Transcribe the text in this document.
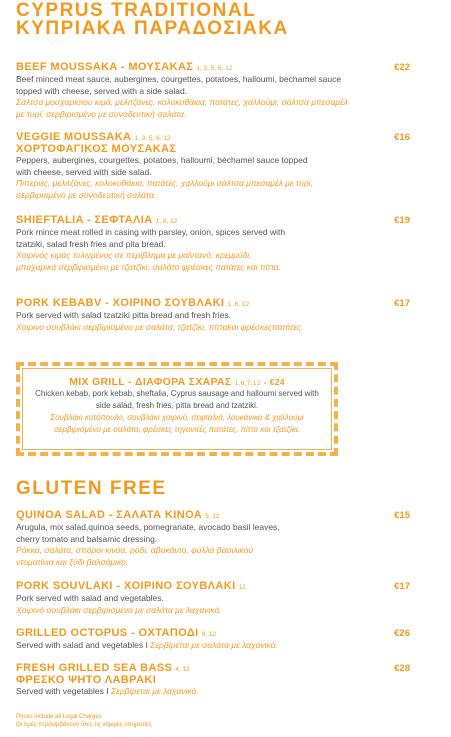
CYPRUS TRADITIONAL
ΚΥΠΡΙΑΚΑ ΠΑΡΑΔΟΣΙΑΚΑ
BEEF MOUSSAKA - ΜΟΥΣΑΚΑΣ 1, 3, 5, 6, 12	€22
Beef minced meat sauce, aubergines, courgettes, potatoes, halloumi, bechamel sauce topped with cheese, served with a side salad.
Σάλτσα μοσχαρίσιου κιμά, μελιτζάνες, κολοκυθάκια, πατάτες, χαλλούμι, σάλτσα μπεσαμέλ με τυρί, σερβιρισμένο με συνοδευτική σαλάτα.
VEGGIE MOUSSAKA 1, 3, 5, 6, 12
ΧΟΡΤΟΦΑΓΙΚΟΣ ΜΟΥΣΑΚΑΣ
€16
Peppers, aubergines, courgettes, potatoes, halloumi, béchamel sauce topped with cheese, served with side salad.
Πιπεριές, μελιτζάνες, κολοκυθάκια, πατάτες, χαλλούμι σάλτσα μπεσαμέλ με τυρί, σερβιρισμένο με συνοδευτική σαλάτα.
SHIEFTALIA - ΣΕΦΤΑΛΙΑ 1, 6, 12	€19
Pork mince meat rolled in casing with parsley, onion, spices served with tzatziki, salad fresh fries and pita bread.
Χοιρινός κιμάς τυλιγμένος σε περίβλημα με μαϊντανό, κρεμμύδι, μπαχαρικά σερβιρισμένο με τζατζίκι, σαλάτα φρέσκες πατάτες και πίττα.
PORK KEBABV - ΧΟΙΡΙΝΟ ΣΟΥΒΛΑΚΙ 1, 6, 12	€17
Pork served with salad tzatziki pitta bread and fresh fries.
Χοιρινο σουβλάκι σερβιρισμένο με σαλάτα, τζατζίκι, πίτταkαι φρέσκεςπατάτες.
MIX GRILL - ΔΙΑΦΟΡΑ ΣΧΑΡΑΣ 1,6,7,12 - €24
Chicken kebab, pork kebab, sheftalia, Cyprus sausage and halloumi served with side salad, fresh fries, pitta bread and tzatziki.
Σουβλάκι κοτόπουλο, σουβλάκι χοιρινό, σεφταλιά, λουκάνικο & χαλλούμι σερβιρισμένο με σαλάτα, φρέσκες τηγανιτές πατάτες, πίττα και τζατζίκι.
GLUTEN FREE
QUINOA SALAD - ΣΑΛΑΤΑ ΚΙΝΟΑ 5, 12	€15
Arugula, mix salad,quinoa seeds, pomegranate, avocado basil leaves, cherry tomato and balsamic dressing.
Ρόκκα, σαλάτα, σπόροι κινόα, ρόδι, αβοκάντο, φύλλα βασιλικού ντοματίνια και ξύδι βαλσάμικο.
PORK SOUVLAKI - ΧΟΙΡΙΝΟ ΣΟΥΒΛΑΚΙ 12	€17
Pork served with salad and vegetables.
Χοιρινό σουβλάκι σερβιρισμένο με σαλάτα με λαχανικά.
GRILLED OCTOPUS - ΟΧΤΑΠΟΔΙ 9, 12	€26
Served with salad and vegetables I Σερβίρεται με σαλάτα με λαχανικά.
FRESH GRILLED SEA BASS 4, 12
ΦΡΕΣΚΟ ΨΗΤΟ ΛΑΒΡΑΚΙ
€28
Served with vegetables I Σερβίρεται με λαχανικά.
Prices include all Legal Charges
Οι τιμές περιλαμβάνουν όλες τις νόμιμες υπηρεσίες
